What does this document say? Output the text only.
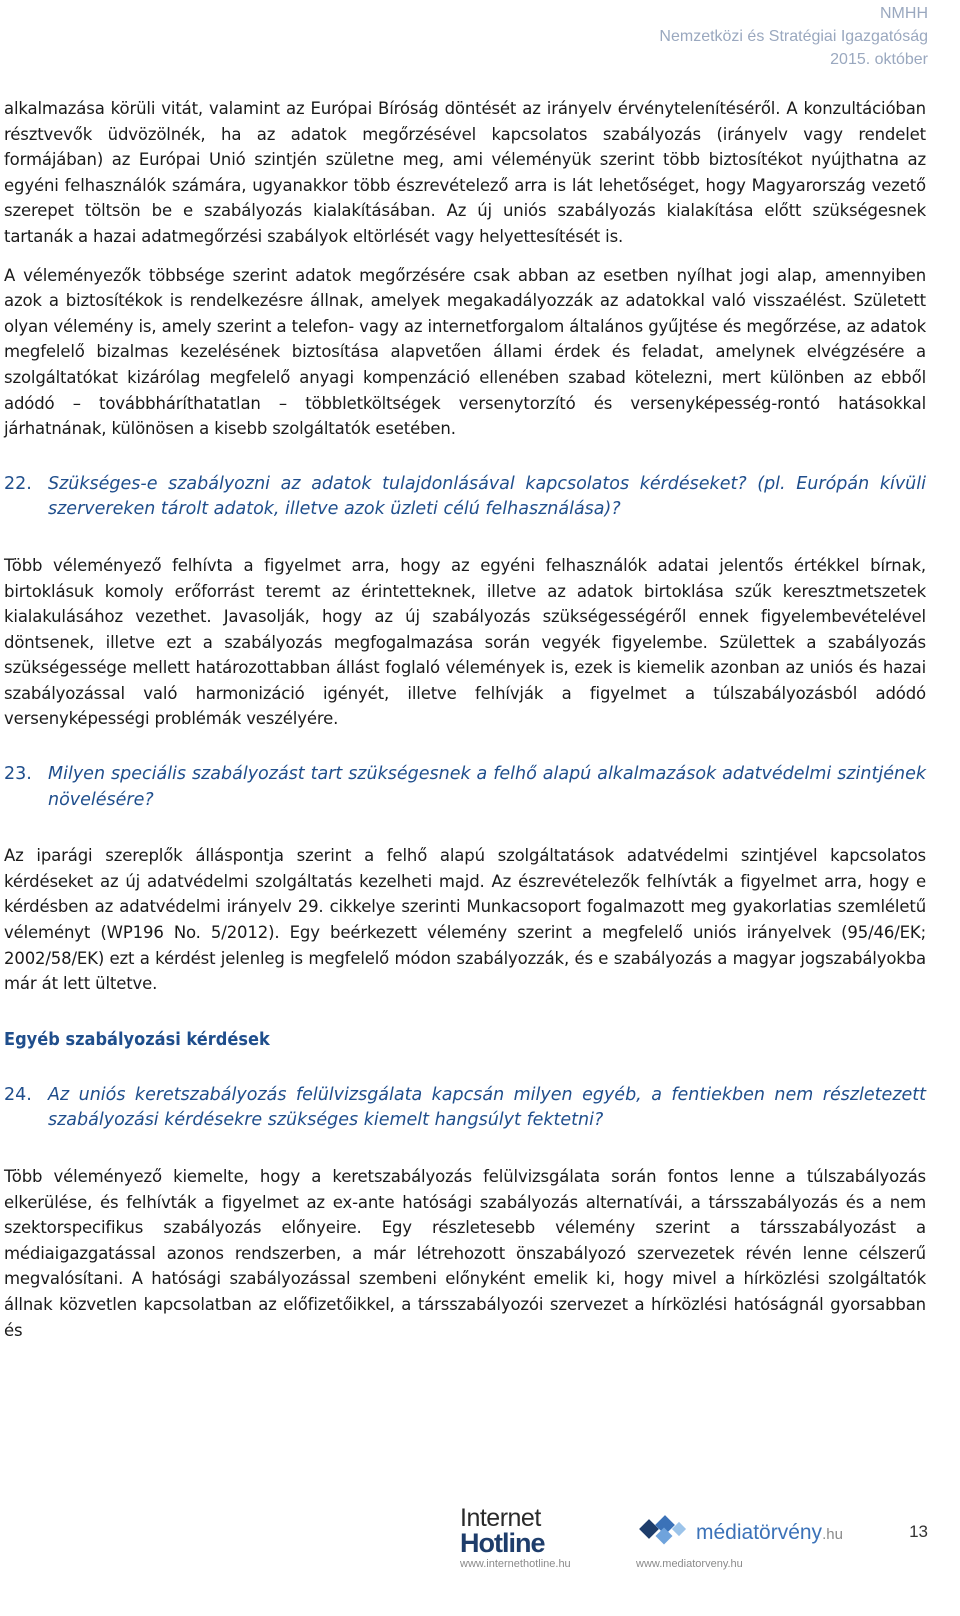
NMHH
Nemzetközi és Stratégiai Igazgatóság
2015. október

alkalmazása körüli vitát, valamint az Európai Bíróság döntését az irányelv érvénytelenítéséről. A konzultációban résztvevők üdvözölnék, ha az adatok megőrzésével kapcsolatos szabályozás (irányelv vagy rendelet formájában) az Európai Unió szintjén születne meg, ami véleményük szerint több biztosítékot nyújthatna az egyéni felhasználók számára, ugyanakkor több észrevételező arra is lát lehetőséget, hogy Magyarország vezető szerepet töltsön be e szabályozás kialakításában. Az új uniós szabályozás kialakítása előtt szükségesnek tartanák a hazai adatmegőrzési szabályok eltörlését vagy helyettesítését is.

A véleményezők többsége szerint adatok megőrzésére csak abban az esetben nyílhat jogi alap, amennyiben azok a biztosítékok is rendelkezésre állnak, amelyek megakadályozzák az adatokkal való visszaélést. Született olyan vélemény is, amely szerint a telefon- vagy az internetforgalom általános gyűjtése és megőrzése, az adatok megfelelő bizalmas kezelésének biztosítása alapvetően állami érdek és feladat, amelynek elvégzésére a szolgáltatókat kizárólag megfelelő anyagi kompenzáció ellenében szabad kötelezni, mert különben az ebből adódó – továbbháríthatatlan – többletköltségek versenytorzító és versenyképesség-rontó hatásokkal járhatnának, különösen a kisebb szolgáltatók esetében.

22. Szükséges-e szabályozni az adatok tulajdonlásával kapcsolatos kérdéseket? (pl. Európán kívüli szervereken tárolt adatok, illetve azok üzleti célú felhasználása)?

Több véleményező felhívta a figyelmet arra, hogy az egyéni felhasználók adatai jelentős értékkel bírnak, birtoklásuk komoly erőforrást teremt az érintetteknek, illetve az adatok birtoklása szűk keresztmetszetek kialakulásához vezethet. Javasolják, hogy az új szabályozás szükségességéről ennek figyelembevételével döntsenek, illetve ezt a szabályozás megfogalmazása során vegyék figyelembe. Születtek a szabályozás szükségessége mellett határozottabban állást foglaló vélemények is, ezek is kiemelik azonban az uniós és hazai szabályozással való harmonizáció igényét, illetve felhívják a figyelmet a túlszabályozásból adódó versenyképességi problémák veszélyére.

23. Milyen speciális szabályozást tart szükségesnek a felhő alapú alkalmazások adatvédelmi szintjének növelésére?

Az iparági szereplők álláspontja szerint a felhő alapú szolgáltatások adatvédelmi szintjével kapcsolatos kérdéseket az új adatvédelmi szolgáltatás kezelheti majd. Az észrevételezők felhívták a figyelmet arra, hogy e kérdésben az adatvédelmi irányelv 29. cikkelye szerinti Munkacsoport fogalmazott meg gyakorlatias szemléletű véleményt (WP196 No. 5/2012). Egy beérkezett vélemény szerint a megfelelő uniós irányelvek (95/46/EK; 2002/58/EK) ezt a kérdést jelenleg is megfelelő módon szabályozzák, és e szabályozás a magyar jogszabályokba már át lett ültetve.

Egyéb szabályozási kérdések
24. Az uniós keretszabályozás felülvizsgálata kapcsán milyen egyéb, a fentiekben nem részletezett szabályozási kérdésekre szükséges kiemelt hangsúlyt fektetni?

Több véleményező kiemelte, hogy a keretszabályozás felülvizsgálata során fontos lenne a túlszabályozás elkerülése, és felhívták a figyelmet az ex-ante hatósági szabályozás alternatívái, a társszabályozás és a nem szektorspecifikus szabályozás előnyeire. Egy részletesebb vélemény szerint a társszabályozást a médiaigazgatással azonos rendszerben, a már létrehozott önszabályozó szervezetek révén lenne célszerű megvalósítani. A hatósági szabályozással szembeni előnyként emelik ki, hogy mivel a hírközlési szolgáltatók állnak közvetlen kapcsolatban az előfizetőikkel, a társszabályozói szervezet a hírközlési hatóságnál gyorsabban és

Internet
Hotline
www.internethotline.hu
médiatörvény.hu
www.mediatorveny.hu
13
